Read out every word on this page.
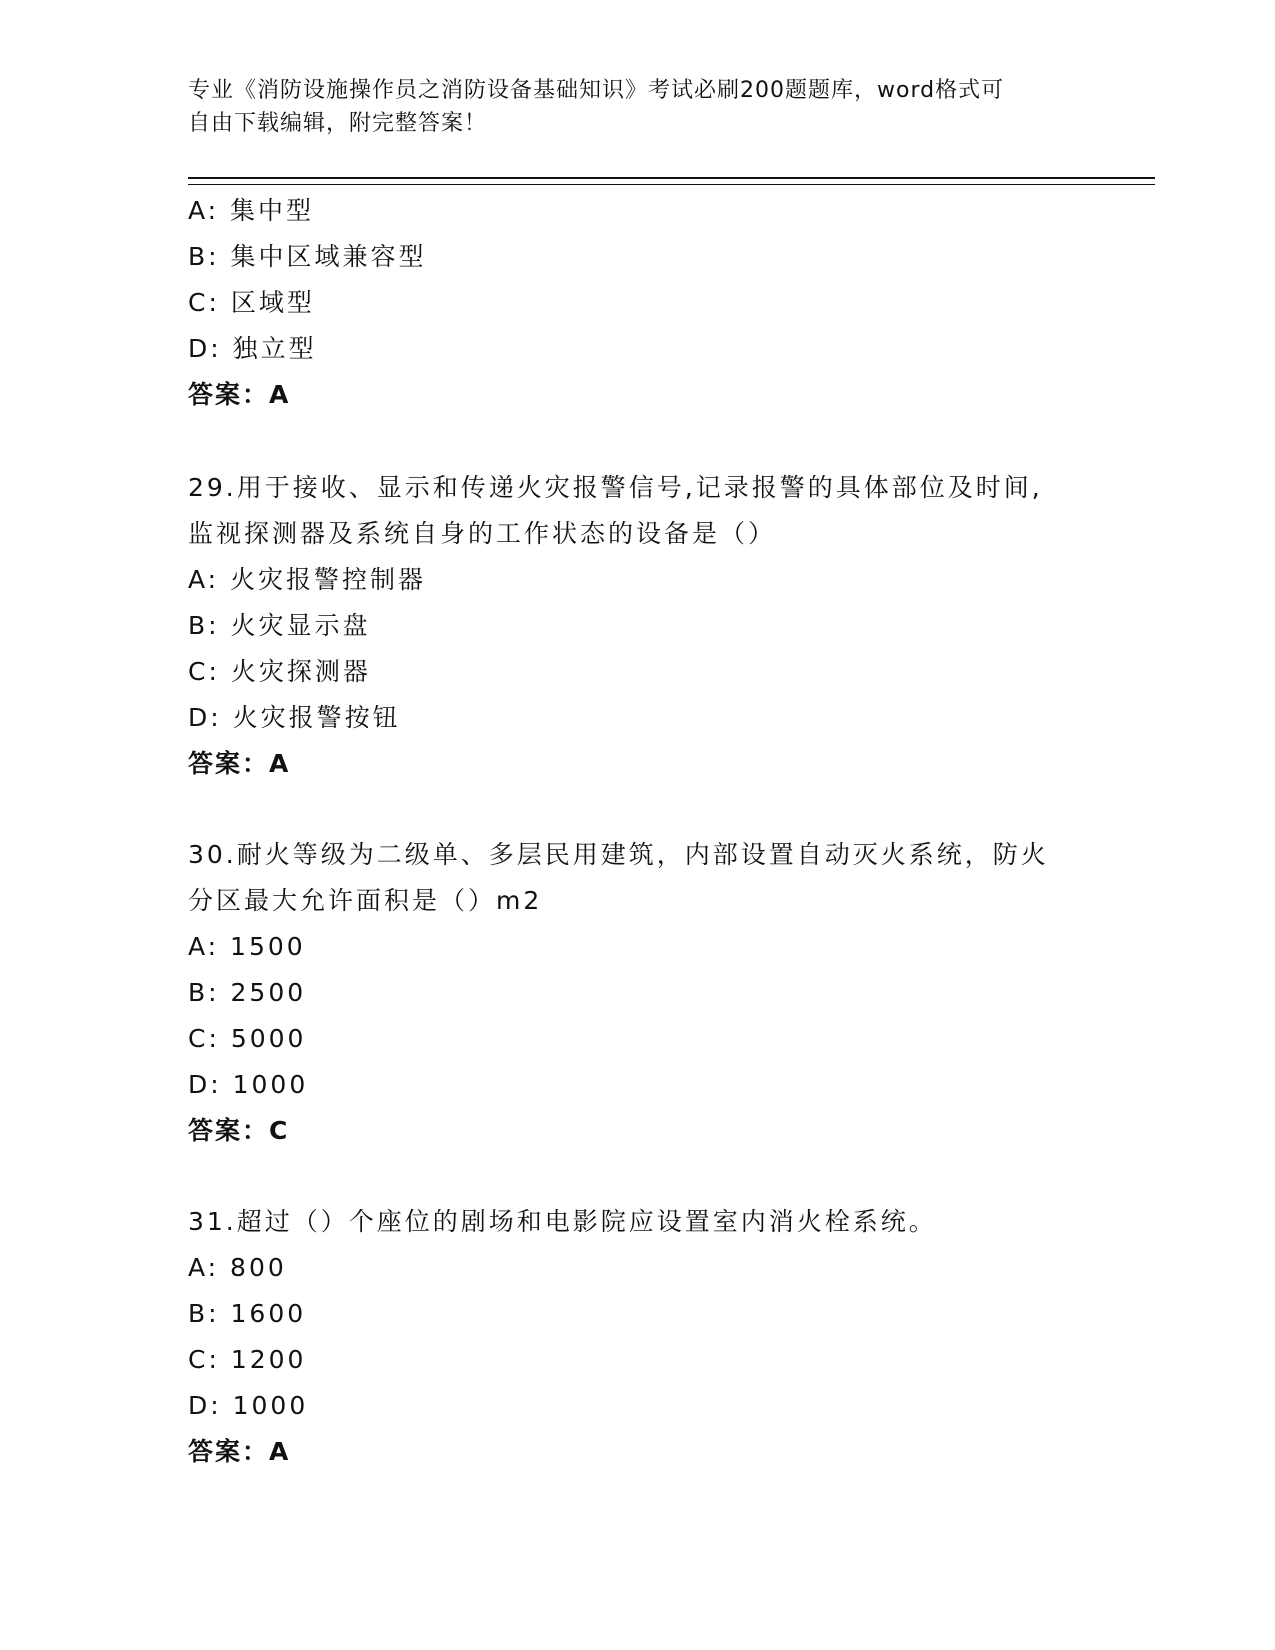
专业《消防设施操作员之消防设备基础知识》考试必刷200题题库，word格式可
自由下载编辑，附完整答案！
A: 集中型
B: 集中区域兼容型
C: 区域型
D: 独立型
答案：A
29.用于接收、显示和传递火灾报警信号,记录报警的具体部位及时间,
监视探测器及系统自身的工作状态的设备是（）
A: 火灾报警控制器
B: 火灾显示盘
C: 火灾探测器
D: 火灾报警按钮
答案：A
30.耐火等级为二级单、多层民用建筑，内部设置自动灭火系统，防火
分区最大允许面积是（）m2
A: 1500
B: 2500
C: 5000
D: 1000
答案：C
31.超过（）个座位的剧场和电影院应设置室内消火栓系统。
A: 800
B: 1600
C: 1200
D: 1000
答案：A
